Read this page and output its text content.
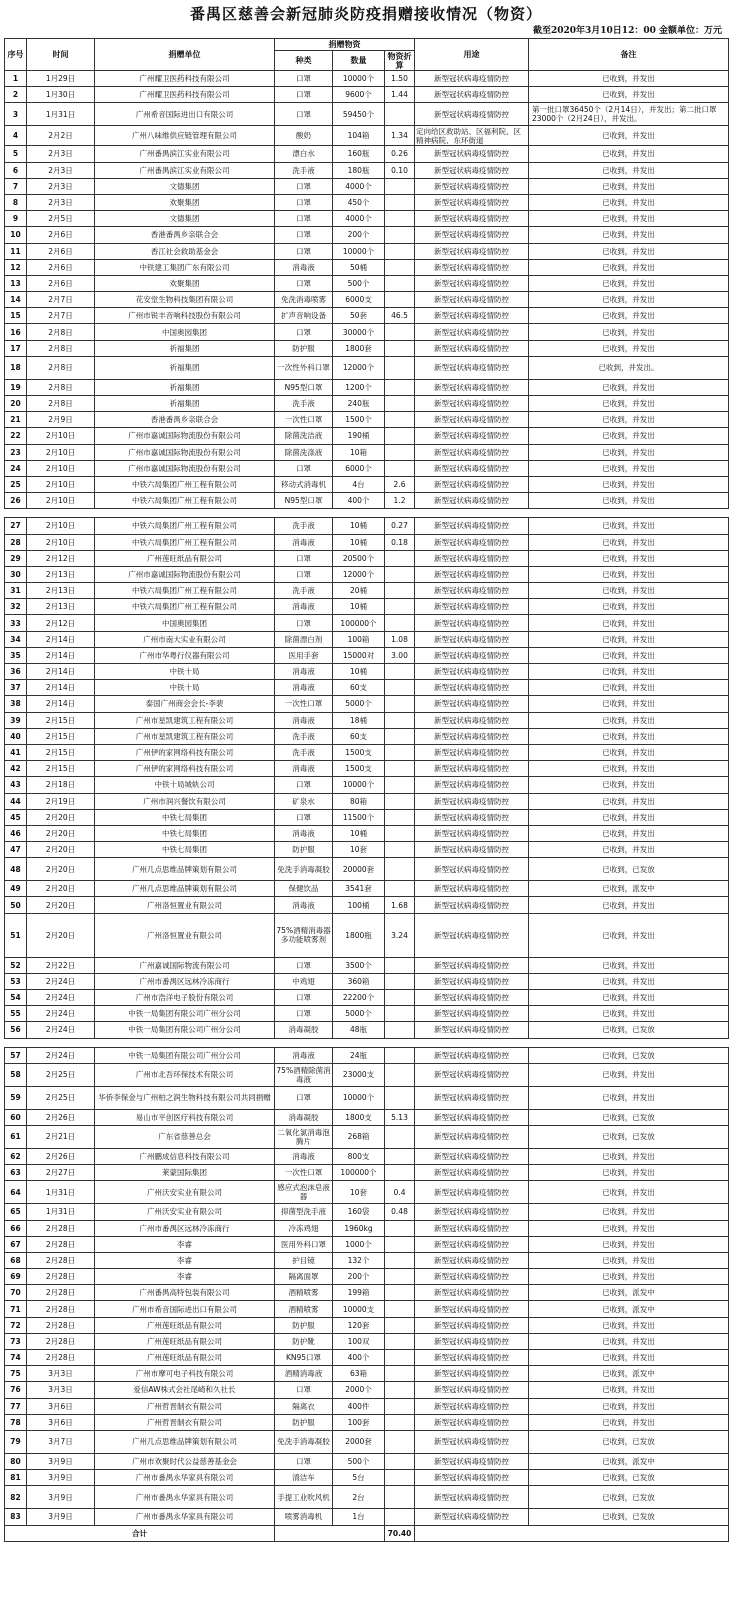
番禺区慈善会新冠肺炎防疫捐赠接收情况（物资）
截至2020年3月10日12：00 金额单位：万元
序号	时间	捐赠单位	捐赠物资			用途	备注
			种类	数量	物资折算		
1	1月29日	广州耀卫医药科技有限公司	口罩	10000个	1.50	新型冠状病毒疫情防控	已收到，并发出
2	1月30日	广州耀卫医药科技有限公司	口罩	9600个	1.44	新型冠状病毒疫情防控	已收到，并发出
3	1月31日	广州希音国际进出口有限公司	口罩	59450个		新型冠状病毒疫情防控	第一批口罩36450个（2月14日），并发出；第二批口罩23000个（2月24日），并发出。
4	2月2日	广州八味维供应链管理有限公司	酸奶	104箱	1.34	定向给区救助站、区福利院、区精神病院、东环街道	已收到，并发出
5	2月3日	广州番禺滨江实业有限公司	漂白水	160瓶	0.26	新型冠状病毒疫情防控	已收到，并发出
6	2月3日	广州番禺滨江实业有限公司	洗手液	180瓶	0.10	新型冠状病毒疫情防控	已收到，并发出
7	2月3日	文德集团	口罩	4000个		新型冠状病毒疫情防控	已收到，并发出
8	2月3日	欢聚集团	口罩	450个		新型冠状病毒疫情防控	已收到，并发出
9	2月5日	文德集团	口罩	4000个		新型冠状病毒疫情防控	已收到，并发出
10	2月6日	香港番禺乡亲联合会	口罩	200个		新型冠状病毒疫情防控	已收到，并发出
11	2月6日	香江社会救助基金会	口罩	10000个		新型冠状病毒疫情防控	已收到，并发出
12	2月6日	中铁建工集团广东有限公司	消毒液	50桶		新型冠状病毒疫情防控	已收到，并发出
13	2月6日	欢聚集团	口罩	500个		新型冠状病毒疫情防控	已收到，并发出
14	2月7日	花安堂生物科技集团有限公司	免洗消毒喷雾	6000支		新型冠状病毒疫情防控	已收到，并发出
15	2月7日	广州市锐丰音响科技股份有限公司	扩声音响设备	50套	46.5	新型冠状病毒疫情防控	已收到，并发出
16	2月8日	中国奥园集团	口罩	30000个		新型冠状病毒疫情防控	已收到，并发出
17	2月8日	祈福集团	防护服	1800套		新型冠状病毒疫情防控	已收到，并发出
18	2月8日	祈福集团	一次性外科口罩	12000个		新型冠状病毒疫情防控	已收到，并发出。
19	2月8日	祈福集团	N95型口罩	1200个		新型冠状病毒疫情防控	已收到，并发出
20	2月8日	祈福集团	洗手液	240瓶		新型冠状病毒疫情防控	已收到，并发出
21	2月9日	香港番禺乡亲联合会	一次性口罩	1500个		新型冠状病毒疫情防控	已收到，并发出
22	2月10日	广州市嘉诚国际物流股份有限公司	除菌洗洁液	190桶		新型冠状病毒疫情防控	已收到，并发出
23	2月10日	广州市嘉诚国际物流股份有限公司	除菌洗涤液	10箱		新型冠状病毒疫情防控	已收到，并发出
24	2月10日	广州市嘉诚国际物流股份有限公司	口罩	6000个		新型冠状病毒疫情防控	已收到，并发出
25	2月10日	中铁六局集团广州工程有限公司	移动式消毒机	4台	2.6	新型冠状病毒疫情防控	已收到，并发出
26	2月10日	中铁六局集团广州工程有限公司	N95型口罩	400个	1.2	新型冠状病毒疫情防控	已收到，并发出

27	2月10日	中铁六局集团广州工程有限公司	洗手液	10桶	0.27	新型冠状病毒疫情防控	已收到，并发出
28	2月10日	中铁六局集团广州工程有限公司	消毒液	10桶	0.18	新型冠状病毒疫情防控	已收到，并发出
29	2月12日	广州莲旺纸品有限公司	口罩	20500个		新型冠状病毒疫情防控	已收到，并发出
30	2月13日	广州市嘉诚国际物流股份有限公司	口罩	12000个		新型冠状病毒疫情防控	已收到，并发出
31	2月13日	中铁六局集团广州工程有限公司	洗手液	20桶		新型冠状病毒疫情防控	已收到，并发出
32	2月13日	中铁六局集团广州工程有限公司	消毒液	10桶		新型冠状病毒疫情防控	已收到，并发出
33	2月12日	中国奥园集团	口罩	100000个		新型冠状病毒疫情防控	已收到，并发出
34	2月14日	广州市南大实业有限公司	除菌漂白剂	100箱	1.08	新型冠状病毒疫情防控	已收到，并发出
35	2月14日	广州市华粤行仪器有限公司	医用手套	15000对	3.00	新型冠状病毒疫情防控	已收到，并发出
36	2月14日	中铁十局	消毒液	10桶		新型冠状病毒疫情防控	已收到，并发出
37	2月14日	中铁十局	消毒液	60支		新型冠状病毒疫情防控	已收到，并发出
38	2月14日	泰国广州商会会长-李裴	一次性口罩	5000个		新型冠状病毒疫情防控	已收到，并发出
39	2月15日	广州市星凯建筑工程有限公司	消毒液	18桶		新型冠状病毒疫情防控	已收到，并发出
40	2月15日	广州市星凯建筑工程有限公司	洗手液	60支		新型冠状病毒疫情防控	已收到，并发出
41	2月15日	广州伊的家网络科技有限公司	洗手液	1500支		新型冠状病毒疫情防控	已收到，并发出
42	2月15日	广州伊的家网络科技有限公司	消毒液	1500支		新型冠状病毒疫情防控	已收到，并发出
43	2月18日	中铁十局城轨公司	口罩	10000个		新型冠状病毒疫情防控	已收到，并发出
44	2月19日	广州市润兴餐饮有限公司	矿泉水	80箱		新型冠状病毒疫情防控	已收到，并发出
45	2月20日	中铁七局集团	口罩	11500个		新型冠状病毒疫情防控	已收到，并发出
46	2月20日	中铁七局集团	消毒液	10桶		新型冠状病毒疫情防控	已收到，并发出
47	2月20日	中铁七局集团	防护服	10套		新型冠状病毒疫情防控	已收到，并发出
48	2月20日	广州几点思维品牌策划有限公司	免洗手消毒凝胶	20000套		新型冠状病毒疫情防控	已收到，已发放
49	2月20日	广州几点思维品牌策划有限公司	保健饮品	3541套		新型冠状病毒疫情防控	已收到，派发中
50	2月20日	广州洛恒置业有限公司	消毒液	100桶	1.68	新型冠状病毒疫情防控	已收到，并发出
51	2月20日	广州洛恒置业有限公司	75%酒精消毒器多功能喷雾剂	1800瓶	3.24	新型冠状病毒疫情防控	已收到，并发出
52	2月22日	广州嘉诚国际物流有限公司	口罩	3500个		新型冠状病毒疫情防控	已收到，并发出
53	2月24日	广州市番禺区远林冷冻商行	中鸡翅	360箱		新型冠状病毒疫情防控	已收到，并发出
54	2月24日	广州市浩洋电子股份有限公司	口罩	22200个		新型冠状病毒疫情防控	已收到，并发出
55	2月24日	中铁一局集团有限公司广州分公司	口罩	5000个		新型冠状病毒疫情防控	已收到，并发出
56	2月24日	中铁一局集团有限公司广州分公司	消毒凝胶	48瓶		新型冠状病毒疫情防控	已收到，已发放

57	2月24日	中铁一局集团有限公司广州分公司	消毒液	24瓶		新型冠状病毒疫情防控	已收到，已发放
58	2月25日	广州市北吾环保技术有限公司	75%酒精除菌消毒液	23000支		新型冠状病毒疫情防控	已收到，并发出
59	2月25日	华侨李保金与广州柏之润生物科技有限公司共同捐赠	口罩	10000个		新型冠状病毒疫情防控	已收到，并发出
60	2月26日	易山市平创医疗科技有限公司	消毒凝胶	1800支	5.13	新型冠状病毒疫情防控	已收到，已发放
61	2月21日	广东省慈善总会	二氧化氯消毒泡腾片	268箱		新型冠状病毒疫情防控	已收到，已发放
62	2月26日	广州鹏成信息科技有限公司	消毒液	800支		新型冠状病毒疫情防控	已收到，并发出
63	2月27日	莱蒙国际集团	一次性口罩	100000个		新型冠状病毒疫情防控	已收到，并发出
64	1月31日	广州沃安实业有限公司	感应式泡沫皂液器	10套	0.4	新型冠状病毒疫情防控	已收到，并发出
65	1月31日	广州沃安实业有限公司	抑菌型洗手液	160袋	0.48	新型冠状病毒疫情防控	已收到，并发出
66	2月28日	广州市番禺区远林冷冻商行	冷冻鸡翅	1960kg		新型冠状病毒疫情防控	已收到，并发出
67	2月28日	李睿	医用外科口罩	1000个		新型冠状病毒疫情防控	已收到，并发出
68	2月28日	李睿	护目镜	132个		新型冠状病毒疫情防控	已收到，并发出
69	2月28日	李睿	隔离面罩	200个		新型冠状病毒疫情防控	已收到，并发出
70	2月28日	广州番禺高特包装有限公司	酒精喷雾	199箱		新型冠状病毒疫情防控	已收到，派发中
71	2月28日	广州市希音国际进出口有限公司	酒精喷雾	10000支		新型冠状病毒疫情防控	已收到，派发中
72	2月28日	广州莲旺纸品有限公司	防护服	120套		新型冠状病毒疫情防控	已收到，并发出
73	2月28日	广州莲旺纸品有限公司	防护靴	100双		新型冠状病毒疫情防控	已收到，并发出
74	2月28日	广州莲旺纸品有限公司	KN95口罩	400个		新型冠状病毒疫情防控	已收到，并发出
75	3月3日	广州市摩可电子科技有限公司	酒精消毒液	63箱		新型冠状病毒疫情防控	已收到，派发中
76	3月3日	爱信AW株式会社尾崎和久社长	口罩	2000个		新型冠状病毒疫情防控	已收到，并发出
77	3月6日	广州哲晋制衣有限公司	隔离衣	400件		新型冠状病毒疫情防控	已收到，并发出
78	3月6日	广州哲晋制衣有限公司	防护服	100套		新型冠状病毒疫情防控	已收到，并发出
79	3月7日	广州几点思维品牌策划有限公司	免洗手消毒凝胶	2000套		新型冠状病毒疫情防控	已收到，已发放
80	3月9日	广州市欢聚时代公益慈善基金会	口罩	500个		新型冠状病毒疫情防控	已收到，派发中
81	3月9日	广州市番禺永华家具有限公司	清洁车	5台		新型冠状病毒疫情防控	已收到，已发放
82	3月9日	广州市番禺永华家具有限公司	手提工业吹风机	2台		新型冠状病毒疫情防控	已收到，已发放
83	3月9日	广州市番禺永华家具有限公司	喷雾消毒机	1台		新型冠状病毒疫情防控	已收到，已发放
合计					70.40		
